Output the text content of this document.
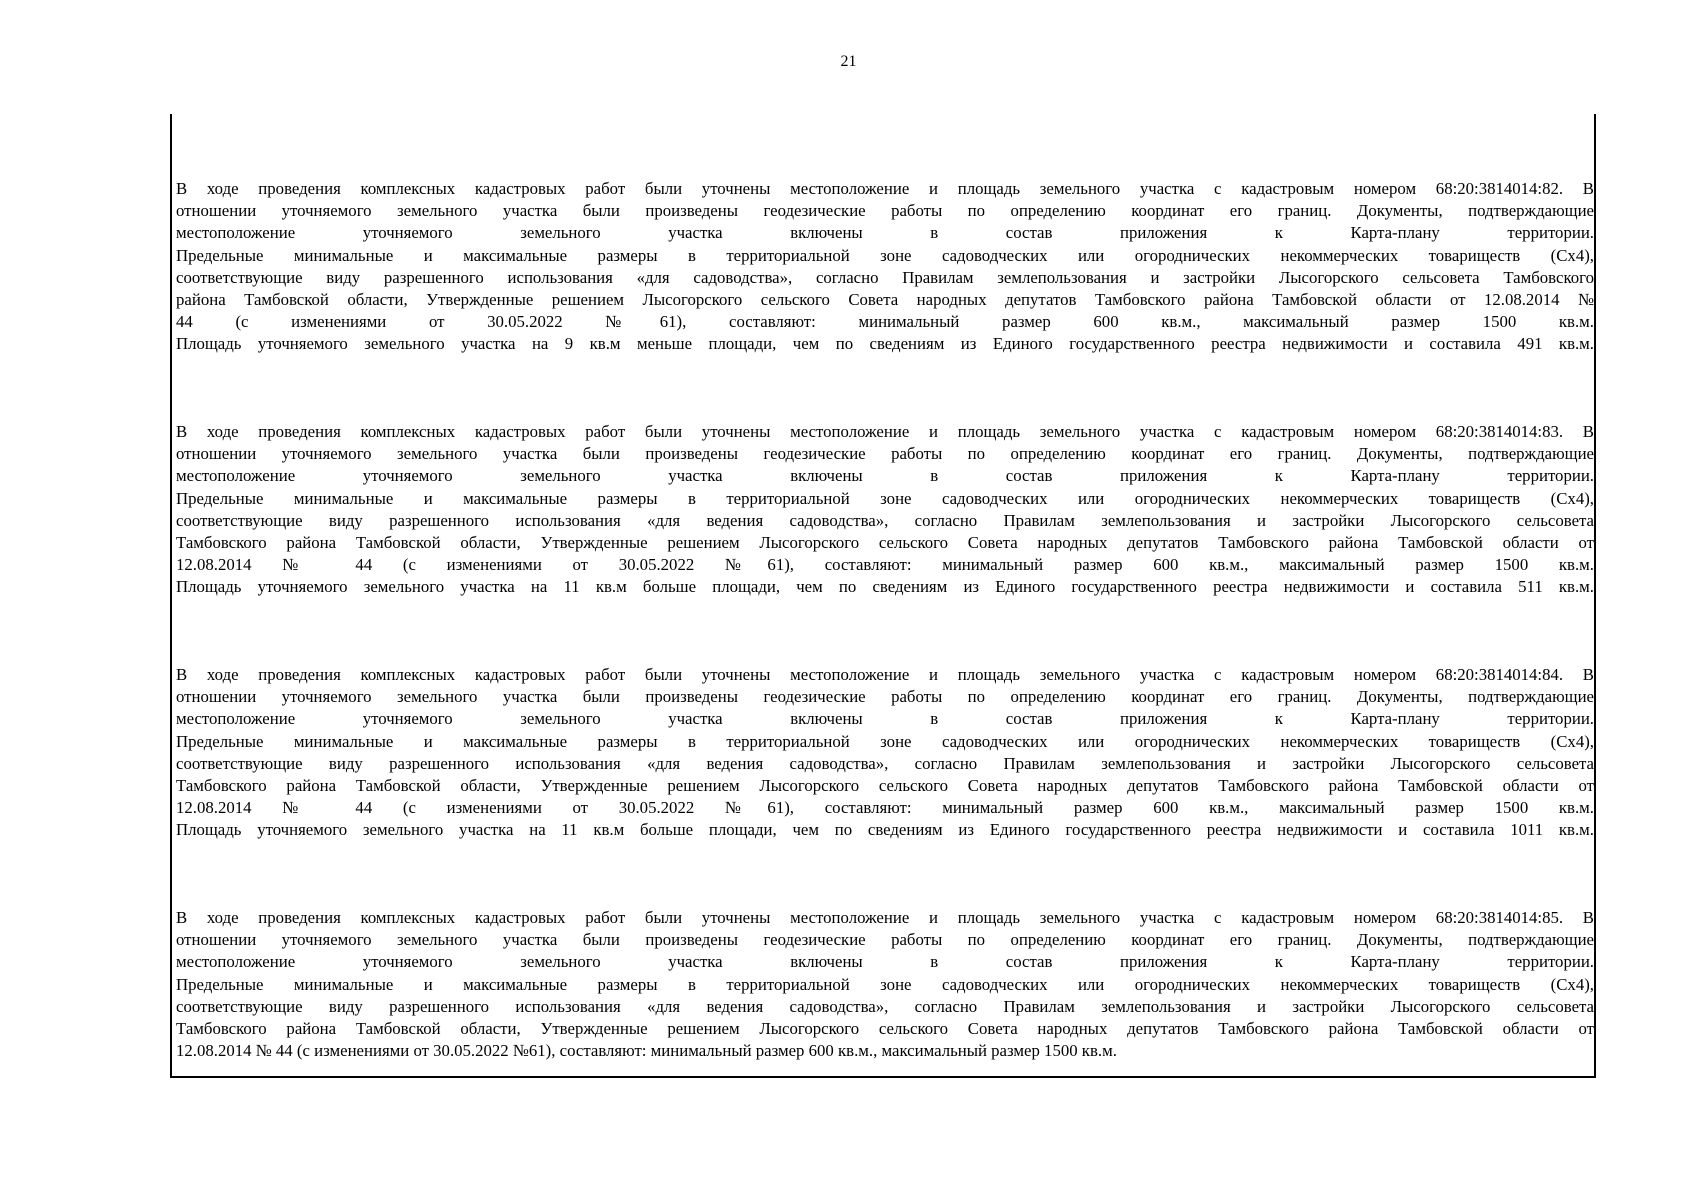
21
В ходе проведения комплексных кадастровых работ были уточнены местоположение и площадь земельного участка с кадастровым номером 68:20:3814014:82. В
отношении уточняемого земельного участка были произведены геодезические работы по определению координат его границ. Документы, подтверждающие
местоположение уточняемого земельного участка включены в состав приложения к Карта-плану территории.
Предельные минимальные и максимальные размеры в территориальной зоне садоводческих или огороднических некоммерческих товариществ (Сх4),
соответствующие виду разрешенного использования «для садоводства», согласно Правилам землепользования и застройки Лысогорского сельсовета Тамбовского
района Тамбовской области, Утвержденные решением Лысогорского сельского Совета народных депутатов Тамбовского района Тамбовской области от 12.08.2014 №
44 (с изменениями от 30.05.2022 №61), составляют: минимальный размер 600 кв.м., максимальный размер 1500 кв.м.
Площадь уточняемого земельного участка на 9 кв.м меньше площади, чем по сведениям из Единого государственного реестра недвижимости и составила 491 кв.м.
В ходе проведения комплексных кадастровых работ были уточнены местоположение и площадь земельного участка с кадастровым номером 68:20:3814014:83. В
отношении уточняемого земельного участка были произведены геодезические работы по определению координат его границ. Документы, подтверждающие
местоположение уточняемого земельного участка включены в состав приложения к Карта-плану территории.
Предельные минимальные и максимальные размеры в территориальной зоне садоводческих или огороднических некоммерческих товариществ (Сх4),
соответствующие виду разрешенного использования «для ведения садоводства», согласно Правилам землепользования и застройки Лысогорского сельсовета
Тамбовского района Тамбовской области, Утвержденные решением Лысогорского сельского Совета народных депутатов Тамбовского района Тамбовской области от
12.08.2014 № 44 (с изменениями от 30.05.2022 №61), составляют: минимальный размер 600 кв.м., максимальный размер 1500 кв.м.
Площадь уточняемого земельного участка на 11 кв.м больше площади, чем по сведениям из Единого государственного реестра недвижимости и составила 511 кв.м.
В ходе проведения комплексных кадастровых работ были уточнены местоположение и площадь земельного участка с кадастровым номером 68:20:3814014:84. В
отношении уточняемого земельного участка были произведены геодезические работы по определению координат его границ. Документы, подтверждающие
местоположение уточняемого земельного участка включены в состав приложения к Карта-плану территории.
Предельные минимальные и максимальные размеры в территориальной зоне садоводческих или огороднических некоммерческих товариществ (Сх4),
соответствующие виду разрешенного использования «для ведения садоводства», согласно Правилам землепользования и застройки Лысогорского сельсовета
Тамбовского района Тамбовской области, Утвержденные решением Лысогорского сельского Совета народных депутатов Тамбовского района Тамбовской области от
12.08.2014 № 44 (с изменениями от 30.05.2022 №61), составляют: минимальный размер 600 кв.м., максимальный размер 1500 кв.м.
Площадь уточняемого земельного участка на 11 кв.м больше площади, чем по сведениям из Единого государственного реестра недвижимости и составила 1011 кв.м.
В ходе проведения комплексных кадастровых работ были уточнены местоположение и площадь земельного участка с кадастровым номером 68:20:3814014:85. В
отношении уточняемого земельного участка были произведены геодезические работы по определению координат его границ. Документы, подтверждающие
местоположение уточняемого земельного участка включены в состав приложения к Карта-плану территории.
Предельные минимальные и максимальные размеры в территориальной зоне садоводческих или огороднических некоммерческих товариществ (Сх4),
соответствующие виду разрешенного использования «для ведения садоводства», согласно Правилам землепользования и застройки Лысогорского сельсовета
Тамбовского района Тамбовской области, Утвержденные решением Лысогорского сельского Совета народных депутатов Тамбовского района Тамбовской области от
12.08.2014 № 44 (с изменениями от 30.05.2022 №61), составляют: минимальный размер 600 кв.м., максимальный размер 1500 кв.м.
